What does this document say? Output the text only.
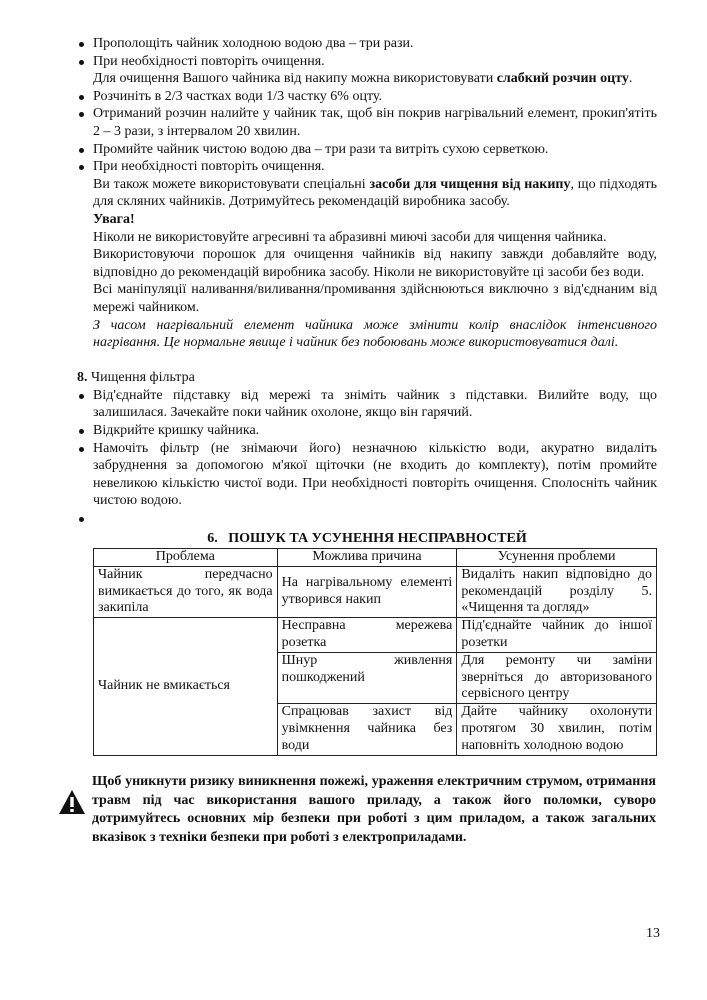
Прополощіть чайник холодною водою два – три рази.
При необхідності повторіть очищення.
Для очищення Вашого чайника від накипу можна використовувати слабкий розчин оцту.
Розчиніть в 2/3 частках води 1/3 частку 6% оцту.
Отриманий розчин налийте у чайник так, щоб він покрив нагрівальний елемент, прокип'ятіть 2 – 3 рази, з інтервалом 20 хвилин.
Промийте чайник чистою водою два – три рази та витріть сухою серветкою.
При необхідності повторіть очищення.
Ви також можете використовувати спеціальні засоби для чищення від накипу, що підходять для скляних чайників. Дотримуйтесь рекомендацій виробника засобу.
Увага!
Ніколи не використовуйте агресивні та абразивні миючі засоби для чищення чайника.
Використовуючи порошок для очищення чайників від накипу завжди добавляйте воду, відповідно до рекомендацій виробника засобу. Ніколи не використовуйте ці засоби без води.
Всі маніпуляції наливання/виливання/промивання здійснюються виключно з від'єднаним від мережі чайником.
З часом нагрівальний елемент чайника може змінити колір внаслідок інтенсивного нагрівання. Це нормальне явище і чайник без побоювань може використовуватися далі.
8. Чищення фільтра
Від'єднайте підставку від мережі та зніміть чайник з підставки. Вилийте воду, що залишилася. Зачекайте поки чайник охолоне, якщо він гарячий.
Відкрийте кришку чайника.
Намочіть фільтр (не знімаючи його) незначною кількістю води, акуратно видаліть забруднення за допомогою м'якої щіточки (не входить до комплекту), потім промийте невеликою кількістю чистої води. При необхідності повторіть очищення. Сполосніть чайник чистою водою.

6.   ПОШУК ТА УСУНЕННЯ НЕСПРАВНОСТЕЙ
Проблема	Можлива причина	Усунення проблеми
Чайник передчасно вимикається до того, як вода закипіла	На нагрівальному елементі утворився накип	Видаліть накип відповідно до рекомендацій розділу 5. «Чищення та догляд»
Чайник не вмикається	Несправна мережева розетка	Під'єднайте чайник до іншої розетки
	Шнур живлення пошкоджений	Для ремонту чи заміни зверніться до авторизованого сервісного центру
	Спрацював захист від увімкнення чайника без води	Дайте чайнику охолонути протягом 30 хвилин, потім наповніть холодною водою
Щоб уникнути ризику виникнення пожежі, ураження електричним струмом, отримання травм під час використання вашого приладу, а також його поломки, суворо дотримуйтесь основних мір безпеки при роботі з цим приладом, а також загальних вказівок з техніки безпеки при роботі з електроприладами.
13
